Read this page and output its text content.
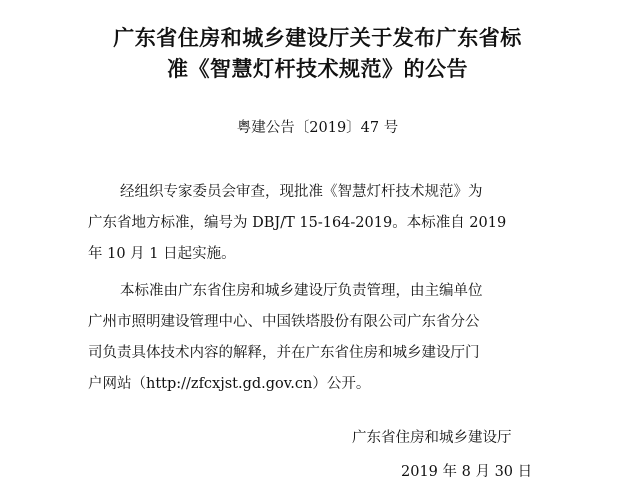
广东省住房和城乡建设厅关于发布广东省标
准《智慧灯杆技术规范》的公告
粤建公告〔2019〕47 号
经组织专家委员会审查，现批准《智慧灯杆技术规范》为
广东省地方标准，编号为 DBJ/T 15-164-2019。本标准自 2019
年 10 月 1 日起实施。
本标准由广东省住房和城乡建设厅负责管理，由主编单位
广州市照明建设管理中心、中国铁塔股份有限公司广东省分公
司负责具体技术内容的解释，并在广东省住房和城乡建设厅门
户网站（http://zfcxjst.gd.gov.cn）公开。
广东省住房和城乡建设厅
2019 年 8 月 30 日
